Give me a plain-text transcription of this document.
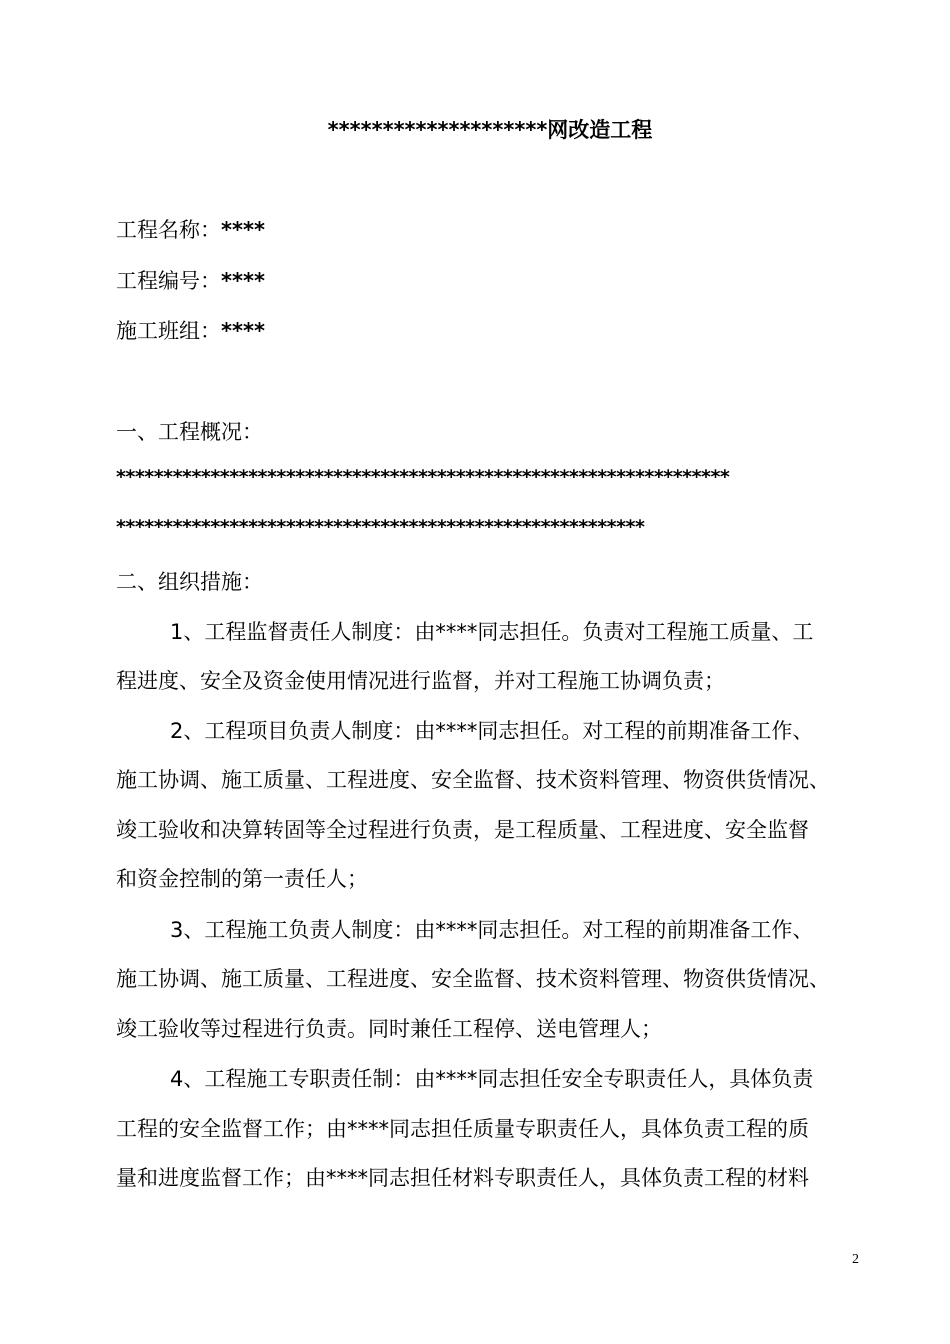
********************网改造工程
工程名称：****
工程编号：****
施工班组：****
一、工程概况：
*****************************************************************
********************************************************
二、组织措施：
1、工程监督责任人制度：由****同志担任。负责对工程施工质量、工
程进度、安全及资金使用情况进行监督，并对工程施工协调负责；
2、工程项目负责人制度：由****同志担任。对工程的前期准备工作、
施工协调、施工质量、工程进度、安全监督、技术资料管理、物资供货情况、
竣工验收和决算转固等全过程进行负责，是工程质量、工程进度、安全监督
和资金控制的第一责任人；
3、工程施工负责人制度：由****同志担任。对工程的前期准备工作、
施工协调、施工质量、工程进度、安全监督、技术资料管理、物资供货情况、
竣工验收等过程进行负责。同时兼任工程停、送电管理人；
4、工程施工专职责任制：由****同志担任安全专职责任人，具体负责
工程的安全监督工作；由****同志担任质量专职责任人，具体负责工程的质
量和进度监督工作；由****同志担任材料专职责任人，具体负责工程的材料
2
